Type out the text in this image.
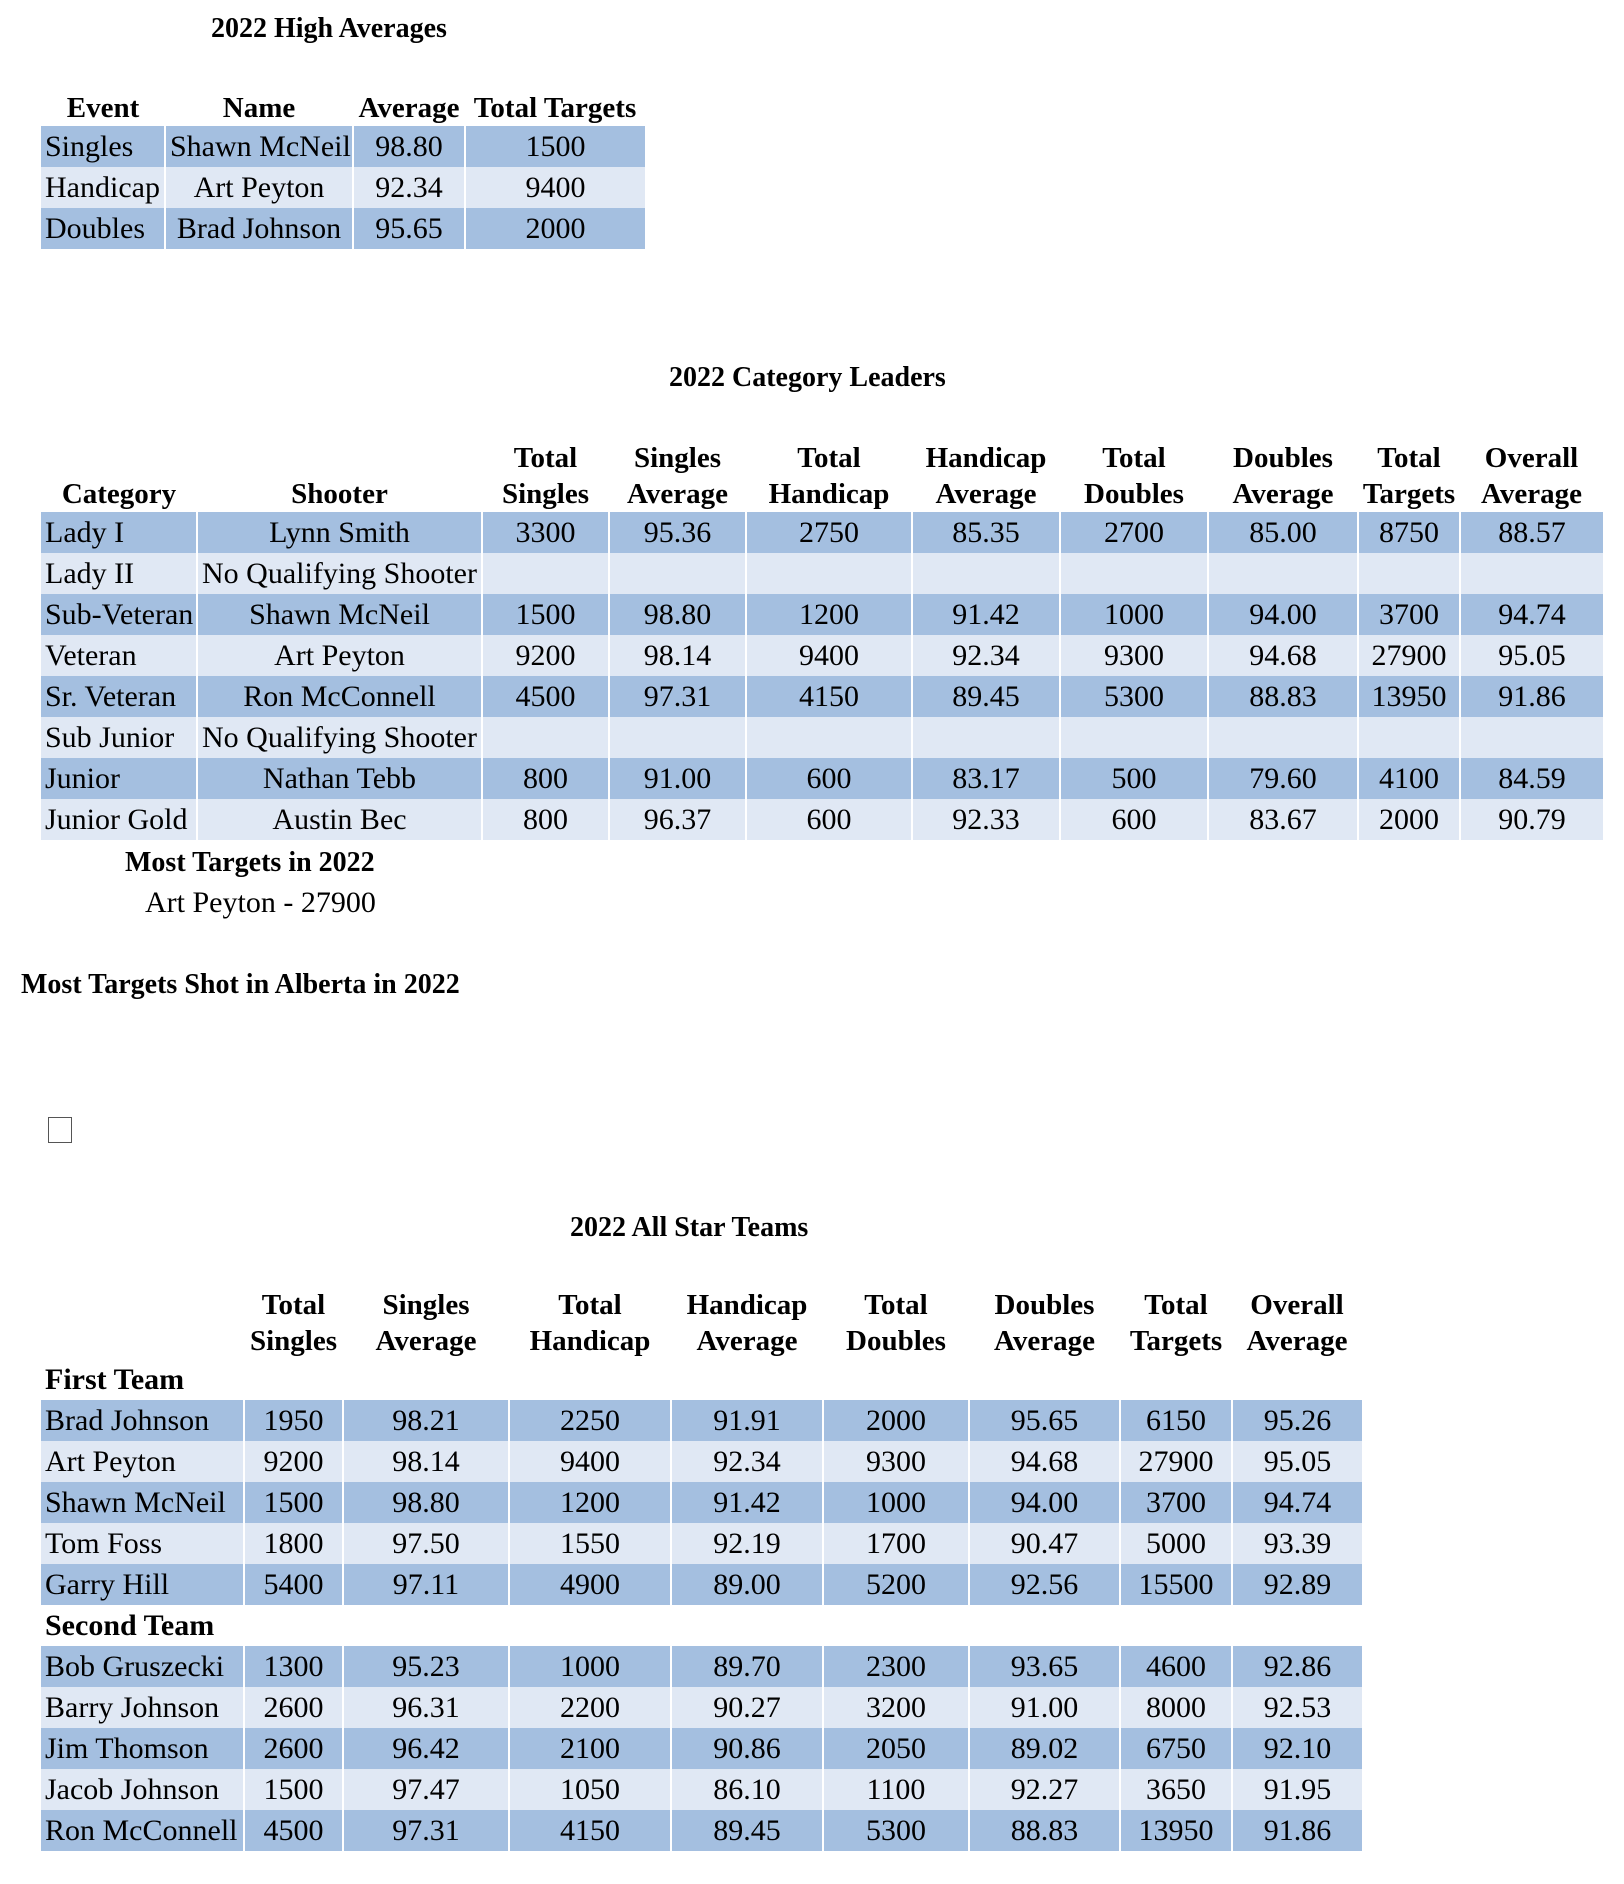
2022 High Averages
Event	Name	Average	Total Targets
Singles	Shawn McNeil	98.80	1500
Handicap	Art Peyton	92.34	9400
Doubles	Brad Johnson	95.65	2000
2022 Category Leaders
Category	Shooter	Total Singles	Singles Average	Total Handicap	Handicap Average	Total Doubles	Doubles Average	Total Targets	Overall Average
Lady I	Lynn Smith	3300	95.36	2750	85.35	2700	85.00	8750	88.57
Lady II	No Qualifying Shooter								
Sub-Veteran	Shawn McNeil	1500	98.80	1200	91.42	1000	94.00	3700	94.74
Veteran	Art Peyton	9200	98.14	9400	92.34	9300	94.68	27900	95.05
Sr. Veteran	Ron McConnell	4500	97.31	4150	89.45	5300	88.83	13950	91.86
Sub Junior	No Qualifying Shooter								
Junior	Nathan Tebb	800	91.00	600	83.17	500	79.60	4100	84.59
Junior Gold	Austin Bec	800	96.37	600	92.33	600	83.67	2000	90.79
Most Targets in 2022
Art Peyton - 27900
Most Targets Shot in Alberta in 2022
2022 All Star Teams
	Total Singles	Singles Average	Total Handicap	Handicap Average	Total Doubles	Doubles Average	Total Targets	Overall Average
First Team								
Brad Johnson	1950	98.21	2250	91.91	2000	95.65	6150	95.26
Art Peyton	9200	98.14	9400	92.34	9300	94.68	27900	95.05
Shawn McNeil	1500	98.80	1200	91.42	1000	94.00	3700	94.74
Tom Foss	1800	97.50	1550	92.19	1700	90.47	5000	93.39
Garry Hill	5400	97.11	4900	89.00	5200	92.56	15500	92.89
Second Team								
Bob Gruszecki	1300	95.23	1000	89.70	2300	93.65	4600	92.86
Barry Johnson	2600	96.31	2200	90.27	3200	91.00	8000	92.53
Jim Thomson	2600	96.42	2100	90.86	2050	89.02	6750	92.10
Jacob Johnson	1500	97.47	1050	86.10	1100	92.27	3650	91.95
Ron McConnell	4500	97.31	4150	89.45	5300	88.83	13950	91.86
